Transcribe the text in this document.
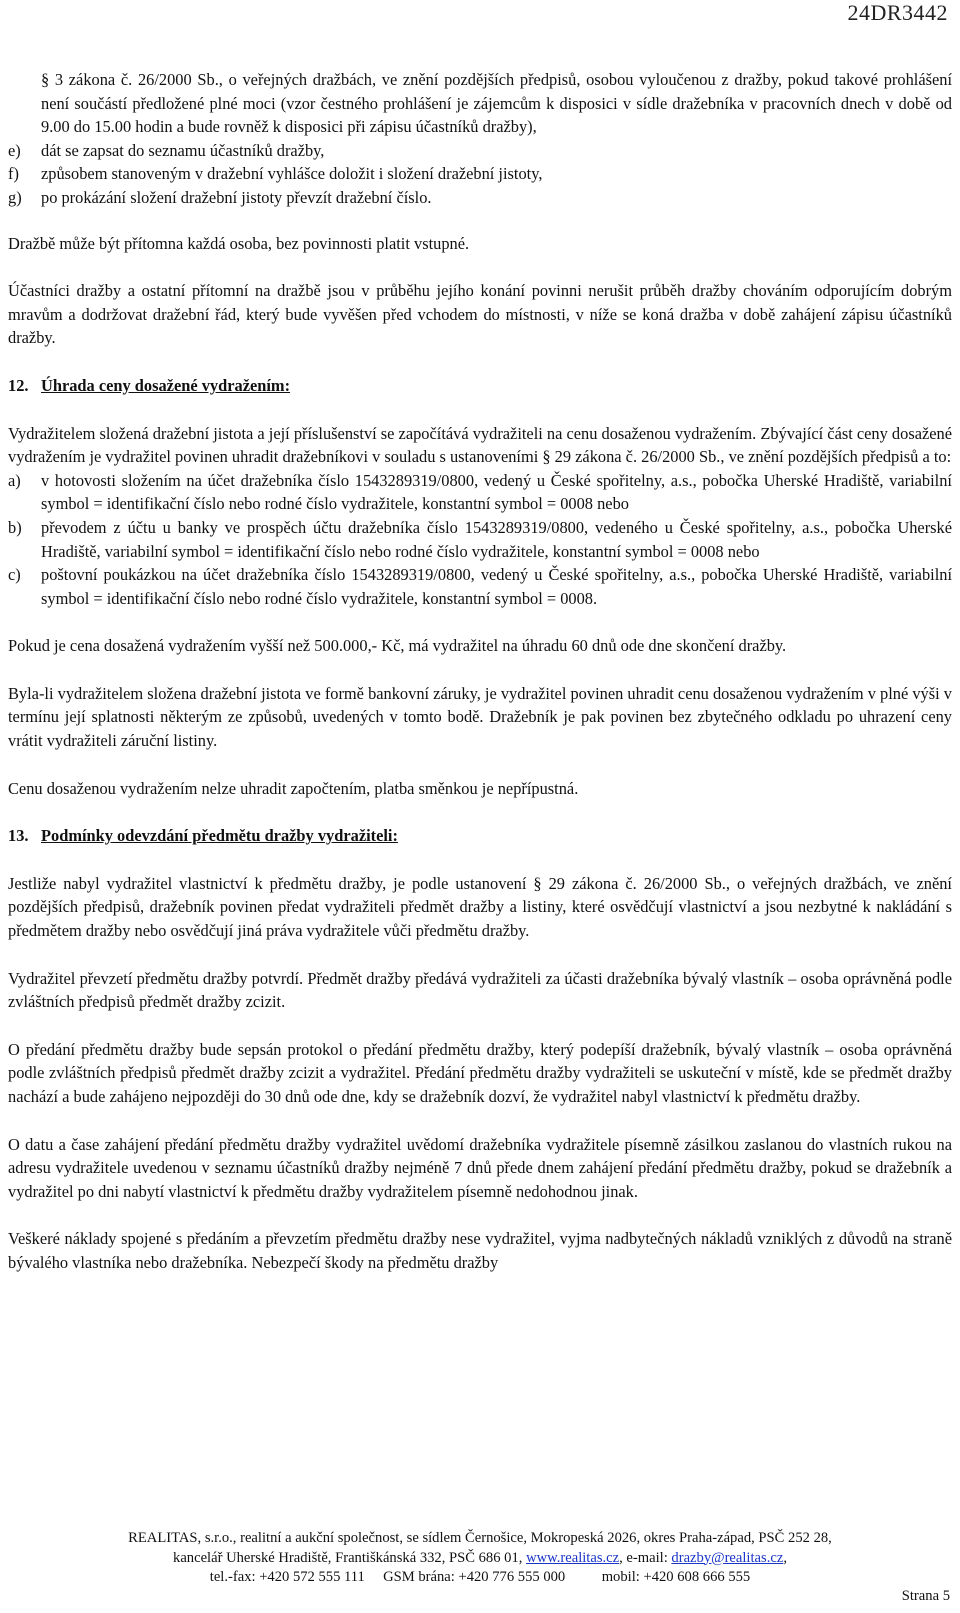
24DR3442

§ 3 zákona č. 26/2000 Sb., o veřejných dražbách, ve znění pozdějších předpisů, osobou vyloučenou z dražby, pokud takové prohlášení není součástí předložené plné moci (vzor čestného prohlášení je zájemcům k disposici v sídle dražebníka v pracovních dnech v době od 9.00 do 15.00 hodin a bude rovněž k disposici při zápisu účastníků dražby),

e) dát se zapsat do seznamu účastníků dražby,
f) způsobem stanoveným v dražební vyhlášce doložit i složení dražební jistoty,
g) po prokázání složení dražební jistoty převzít dražební číslo.

Dražbě může být přítomna každá osoba, bez povinnosti platit vstupné.

Účastníci dražby a ostatní přítomní na dražbě jsou v průběhu jejího konání povinni nerušit průběh dražby chováním odporujícím dobrým mravům a dodržovat dražební řád, který bude vyvěšen před vchodem do místnosti, v níže se koná dražba v době zahájení zápisu účastníků dražby.

12. Úhrada ceny dosažené vydražením:

Vydražitelem složená dražební jistota a její příslušenství se započítává vydražiteli na cenu dosaženou vydražením. Zbývající část ceny dosažené vydražením je vydražitel povinen uhradit dražebníkovi v souladu s ustanoveními § 29 zákona č. 26/2000 Sb., ve znění pozdějších předpisů a to:

a) v hotovosti složením na účet dražebníka číslo 1543289319/0800, vedený u České spořitelny, a.s., pobočka Uherské Hradiště, variabilní symbol = identifikační číslo nebo rodné číslo vydražitele, konstantní symbol = 0008 nebo
b) převodem z účtu u banky ve prospěch účtu dražebníka číslo 1543289319/0800, vedeného u České spořitelny, a.s., pobočka Uherské Hradiště, variabilní symbol = identifikační číslo nebo rodné číslo vydražitele, konstantní symbol = 0008 nebo
c) poštovní poukázkou na účet dražebníka číslo 1543289319/0800, vedený u České spořitelny, a.s., pobočka Uherské Hradiště, variabilní symbol = identifikační číslo nebo rodné číslo vydražitele, konstantní symbol = 0008.

Pokud je cena dosažená vydražením vyšší než 500.000,- Kč, má vydražitel na úhradu 60 dnů ode dne skončení dražby.

Byla-li vydražitelem složena dražební jistota ve formě bankovní záruky, je vydražitel povinen uhradit cenu dosaženou vydražením v plné výši v termínu její splatnosti některým ze způsobů, uvedených v tomto bodě. Dražebník je pak povinen bez zbytečného odkladu po uhrazení ceny vrátit vydražiteli záruční listiny.

Cenu dosaženou vydražením nelze uhradit započtením, platba směnkou je nepřípustná.

13. Podmínky odevzdání předmětu dražby vydražiteli:

Jestliže nabyl vydražitel vlastnictví k předmětu dražby, je podle ustanovení § 29 zákona č. 26/2000 Sb., o veřejných dražbách, ve znění pozdějších předpisů, dražebník povinen předat vydražiteli předmět dražby a listiny, které osvědčují vlastnictví a jsou nezbytné k nakládání s předmětem dražby nebo osvědčují jiná práva vydražitele vůči předmětu dražby.

Vydražitel převzetí předmětu dražby potvrdí. Předmět dražby předává vydražiteli za účasti dražebníka bývalý vlastník – osoba oprávněná podle zvláštních předpisů předmět dražby zcizit.

O předání předmětu dražby bude sepsán protokol o předání předmětu dražby, který podepíší dražebník, bývalý vlastník – osoba oprávněná podle zvláštních předpisů předmět dražby zcizit a vydražitel. Předání předmětu dražby vydražiteli se uskuteční v místě, kde se předmět dražby nachází a bude zahájeno nejpozději do 30 dnů ode dne, kdy se dražebník dozví, že vydražitel nabyl vlastnictví k předmětu dražby.

O datu a čase zahájení předání předmětu dražby vydražitel uvědomí dražebníka vydražitele písemně zásilkou zaslanou do vlastních rukou na adresu vydražitele uvedenou v seznamu účastníků dražby nejméně 7 dnů přede dnem zahájení předání předmětu dražby, pokud se dražebník a vydražitel po dni nabytí vlastnictví k předmětu dražby vydražitelem písemně nedohodnou jinak.

Veškeré náklady spojené s předáním a převzetím předmětu dražby nese vydražitel, vyjma nadbytečných nákladů vzniklých z důvodů na straně bývalého vlastníka nebo dražebníka. Nebezpečí škody na předmětu dražby

REALITAS, s.r.o., realitní a aukční společnost, se sídlem Černošice, Mokropeská 2026, okres Praha-západ, PSČ 252 28,
kancelář Uherské Hradiště, Františkánská 332, PSČ 686 01, www.realitas.cz, e-mail: drazby@realitas.cz,
tel.-fax: +420 572 555 111     GSM brána: +420 776 555 000          mobil: +420 608 666 555
Strana 5
